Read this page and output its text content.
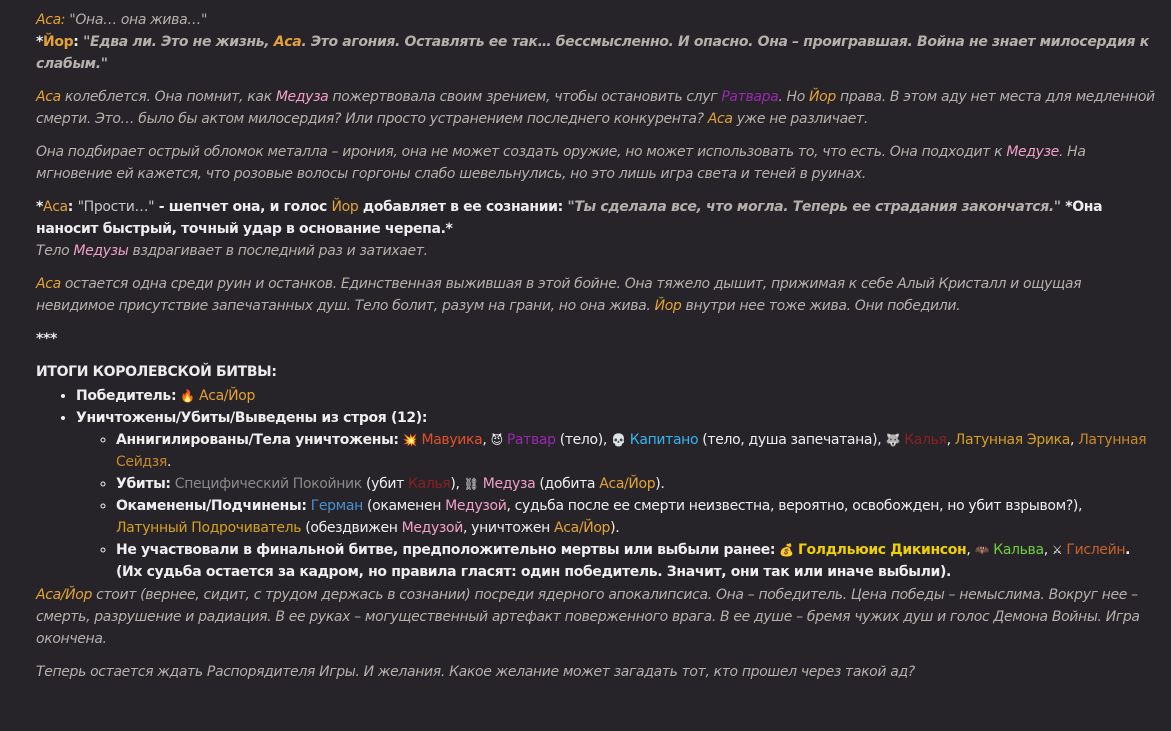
Аса: "Она… она жива…"

*Йор: "Едва ли. Это не жизнь, Аса. Это агония. Оставлять ее так… бессмысленно. И опасно. Она – проигравшая. Война не знает милосердия к слабым."

Аса колеблется. Она помнит, как Медуза пожертвовала своим зрением, чтобы остановить слуг Ратвара. Но Йор права. В этом аду нет места для медленной смерти. Это… было бы актом милосердия? Или просто устранением последнего конкурента? Аса уже не различает.

Она подбирает острый обломок металла – ирония, она не может создать оружие, но может использовать то, что есть. Она подходит к Медузе. На мгновение ей кажется, что розовые волосы горгоны слабо шевельнулись, но это лишь игра света и теней в руинах.

*Аса: "Прости…" - шепчет она, и голос Йор добавляет в ее сознании: "Ты сделала все, что могла. Теперь ее страдания закончатся." *Она наносит быстрый, точный удар в основание черепа.*

Тело Медузы вздрагивает в последний раз и затихает.

Аса остается одна среди руин и останков. Единственная выжившая в этой бойне. Она тяжело дышит, прижимая к себе Алый Кристалл и ощущая невидимое присутствие запечатанных душ. Тело болит, разум на грани, но она жива. Йор внутри нее тоже жива. Они победили.

***

ИТОГИ КОРОЛЕВСКОЙ БИТВЫ:
• Победитель: 🔥 Аса/Йор
• Уничтожены/Убиты/Выведены из строя (12):
◦ Аннигилированы/Тела уничтожены: 💥 Мавуика, 😈 Ратвар (тело), 💀 Капитано (тело, душа запечатана), 🐺 Калья, Латунная Эрика, Латунная Сейдзя.
◦ Убиты: Специфический Покойник (убит Калья), ⛓ Медуза (добита Аса/Йор).
◦ Окаменены/Подчинены: Герман (окаменен Медузой, судьба после ее смерти неизвестна, вероятно, освобожден, но убит взрывом?), Латунный Подрочиватель (обездвижен Медузой, уничтожен Аса/Йор).
◦ Не участвовали в финальной битве, предположительно мертвы или выбыли ранее: 💰 Голдльюис Дикинсон, 🦇 Кальва, ⚔ Гислейн. (Их судьба остается за кадром, но правила гласят: один победитель. Значит, они так или иначе выбыли).

Аса/Йор стоит (вернее, сидит, с трудом держась в сознании) посреди ядерного апокалипсиса. Она – победитель. Цена победы – немыслима. Вокруг нее – смерть, разрушение и радиация. В ее руках – могущественный артефакт поверженного врага. В ее душе – бремя чужих душ и голос Демона Войны. Игра окончена.

Теперь остается ждать Распорядителя Игры. И желания. Какое желание может загадать тот, кто прошел через такой ад?
